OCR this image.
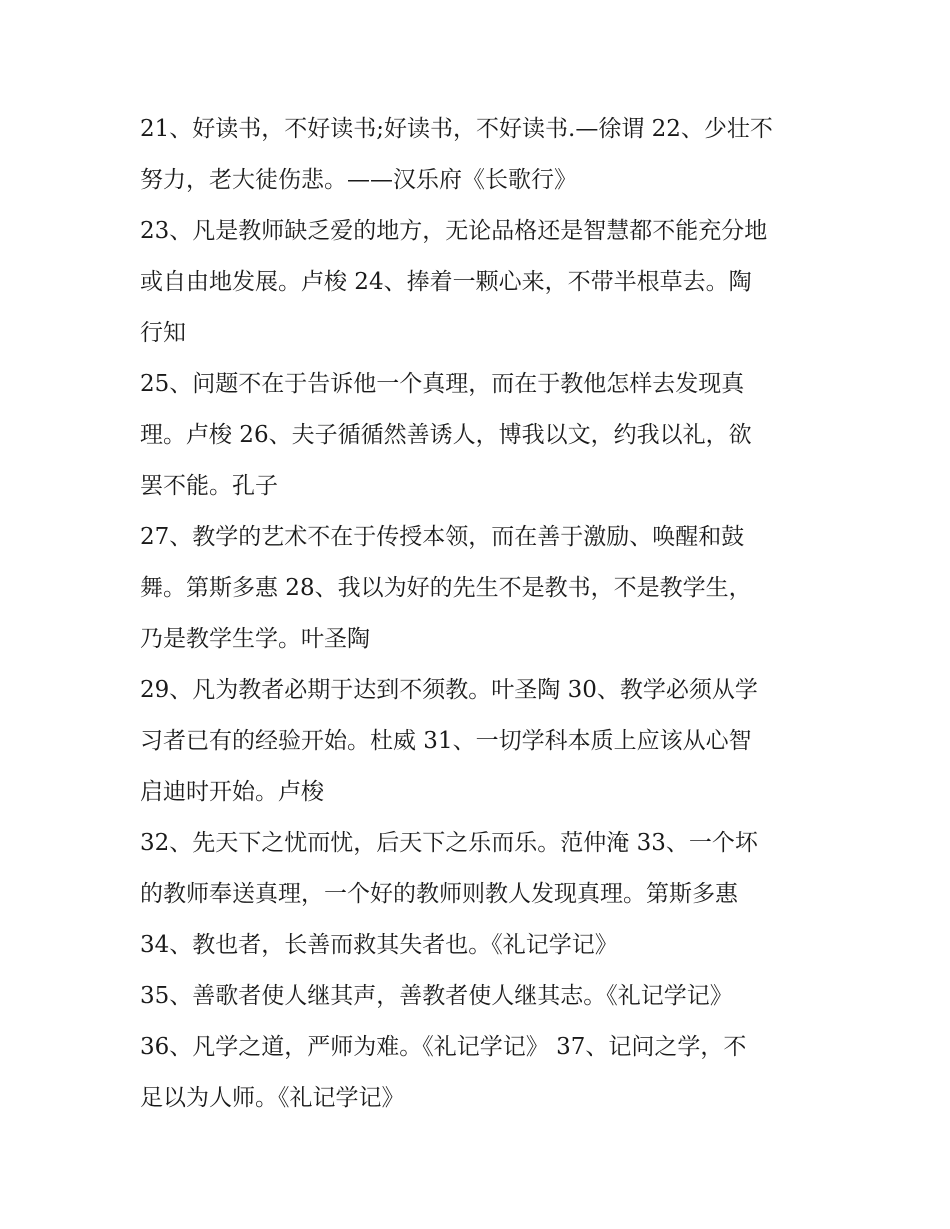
21、好读书，不好读书;好读书，不好读书.—徐谓 22、少壮不
努力，老大徒伤悲。——汉乐府《长歌行》
23、凡是教师缺乏爱的地方，无论品格还是智慧都不能充分地
或自由地发展。卢梭 24、捧着一颗心来，不带半根草去。陶
行知
25、问题不在于告诉他一个真理，而在于教他怎样去发现真
理。卢梭 26、夫子循循然善诱人，博我以文，约我以礼，欲
罢不能。孔子
27、教学的艺术不在于传授本领，而在善于激励、唤醒和鼓
舞。第斯多惠 28、我以为好的先生不是教书，不是教学生，
乃是教学生学。叶圣陶
29、凡为教者必期于达到不须教。叶圣陶 30、教学必须从学
习者已有的经验开始。杜威 31、一切学科本质上应该从心智
启迪时开始。卢梭
32、先天下之忧而忧，后天下之乐而乐。范仲淹 33、一个坏
的教师奉送真理，一个好的教师则教人发现真理。第斯多惠
34、教也者，长善而救其失者也。《礼记学记》
35、善歌者使人继其声，善教者使人继其志。《礼记学记》
36、凡学之道，严师为难。《礼记学记》 37、记问之学，不
足以为人师。《礼记学记》
